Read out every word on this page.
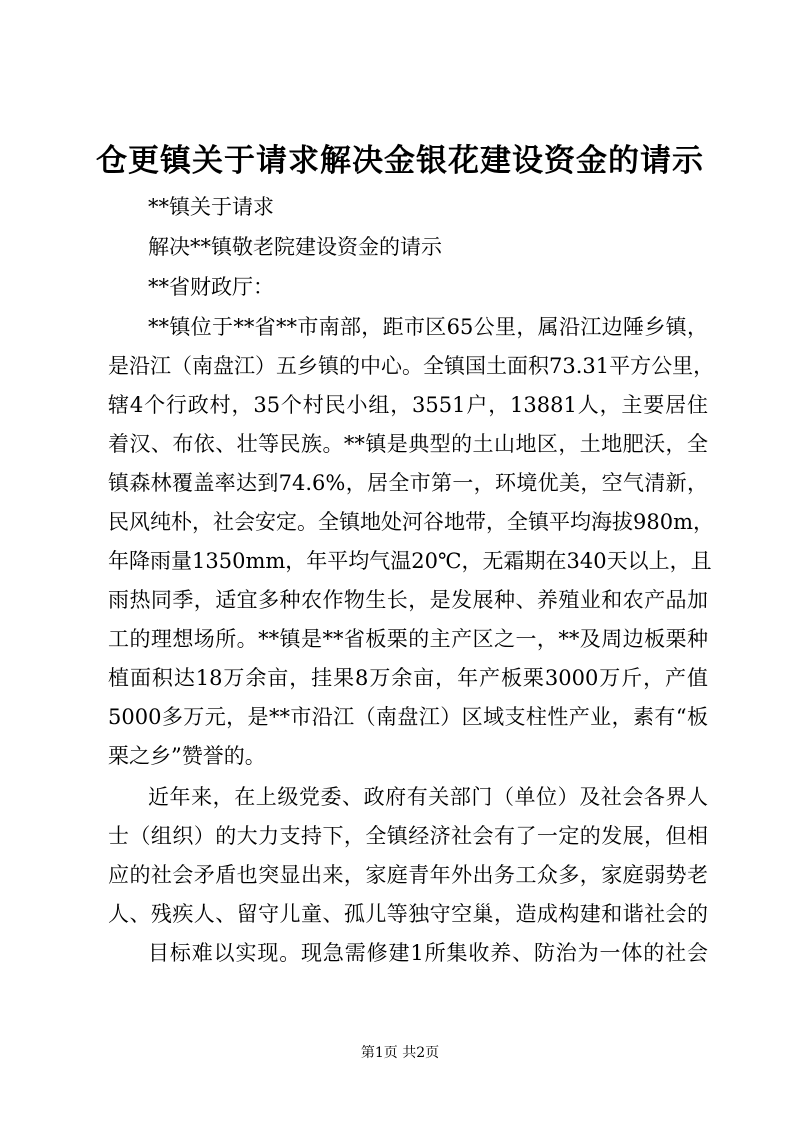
仓更镇关于请求解决金银花建设资金的请示

**镇关于请求

解决**镇敬老院建设资金的请示

**省财政厅：

**镇位于**省**市南部，距市区65公里，属沿江边陲乡镇，

是沿江（南盘江）五乡镇的中心。全镇国土面积73.31平方公里，

辖4个行政村，35个村民小组，3551户，13881人，主要居住

着汉、布依、壮等民族。**镇是典型的土山地区，土地肥沃，全

镇森林覆盖率达到74.6%，居全市第一，环境优美，空气清新，

民风纯朴，社会安定。全镇地处河谷地带，全镇平均海拔980m，

年降雨量1350mm，年平均气温20℃，无霜期在340天以上，且

雨热同季，适宜多种农作物生长，是发展种、养殖业和农产品加

工的理想场所。**镇是**省板栗的主产区之一，**及周边板栗种

植面积达18万余亩，挂果8万余亩，年产板栗3000万斤，产值

5000多万元，是**市沿江（南盘江）区域支柱性产业，素有“板

栗之乡”赞誉的。

近年来，在上级党委、政府有关部门（单位）及社会各界人

士（组织）的大力支持下，全镇经济社会有了一定的发展，但相

应的社会矛盾也突显出来，家庭青年外出务工众多，家庭弱势老

人、残疾人、留守儿童、孤儿等独守空巢，造成构建和谐社会的

目标难以实现。现急需修建1所集收养、防治为一体的社会

第1页 共2页
